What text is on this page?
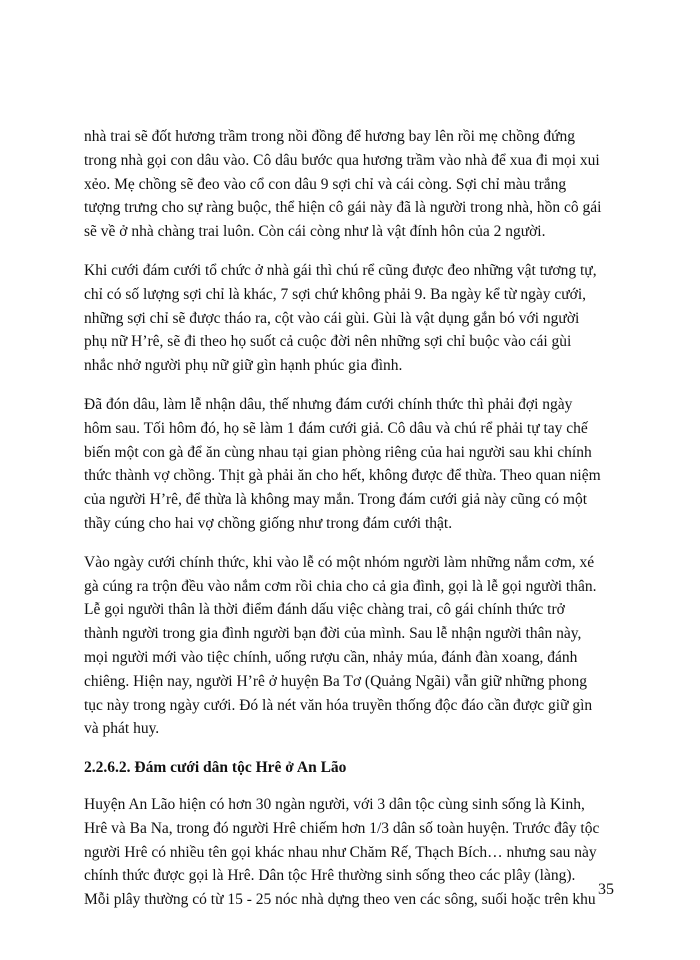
nhà trai sẽ đốt hương trầm trong nồi đồng để hương bay lên rồi mẹ chồng đứng
trong nhà gọi con dâu vào. Cô dâu bước qua hương trầm vào nhà để xua đi mọi xui
xẻo. Mẹ chồng sẽ đeo vào cổ con dâu 9 sợi chỉ và cái còng. Sợi chỉ màu trắng
tượng trưng cho sự ràng buộc, thể hiện cô gái này đã là người trong nhà, hồn cô gái
sẽ về ở nhà chàng trai luôn. Còn cái còng như là vật đính hôn của 2 người.

Khi cưới đám cưới tổ chức ở nhà gái thì chú rể cũng được đeo những vật tương tự,
chỉ có số lượng sợi chỉ là khác, 7 sợi chứ không phải 9. Ba ngày kể từ ngày cưới,
những sợi chỉ sẽ được tháo ra, cột vào cái gùi. Gùi là vật dụng gắn bó với người
phụ nữ H’rê, sẽ đi theo họ suốt cả cuộc đời nên những sợi chỉ buộc vào cái gùi
nhắc nhở người phụ nữ giữ gìn hạnh phúc gia đình.

Đã đón dâu, làm lễ nhận dâu, thế nhưng đám cưới chính thức thì phải đợi ngày
hôm sau. Tối hôm đó, họ sẽ làm 1 đám cưới giả. Cô dâu và chú rể phải tự tay chế
biến một con gà để ăn cùng nhau tại gian phòng riêng của hai người sau khi chính
thức thành vợ chồng. Thịt gà phải ăn cho hết, không được để thừa. Theo quan niệm
của người H’rê, để thừa là không may mắn. Trong đám cưới giả này cũng có một
thầy cúng cho hai vợ chồng giống như trong đám cưới thật.

Vào ngày cưới chính thức, khi vào lễ có một nhóm người làm những nắm cơm, xé
gà cúng ra trộn đều vào nắm cơm rồi chia cho cả gia đình, gọi là lễ gọi người thân.
Lễ gọi người thân là thời điểm đánh dấu việc chàng trai, cô gái chính thức trở
thành người trong gia đình người bạn đời của mình. Sau lễ nhận người thân này,
mọi người mới vào tiệc chính, uống rượu cần, nhảy múa, đánh đàn xoang, đánh
chiêng. Hiện nay, người H’rê ở huyện Ba Tơ (Quảng Ngãi) vẫn giữ những phong
tục này trong ngày cưới. Đó là nét văn hóa truyền thống độc đáo cần được giữ gìn
và phát huy.

2.2.6.2. Đám cưới dân tộc Hrê ở An Lão

Huyện An Lão hiện có hơn 30 ngàn người, với 3 dân tộc cùng sinh sống là Kinh,
Hrê và Ba Na, trong đó người Hrê chiếm hơn 1/3 dân số toàn huyện. Trước đây tộc
người Hrê có nhiều tên gọi khác nhau như Chăm Rế, Thạch Bích… nhưng sau này
chính thức được gọi là Hrê. Dân tộc Hrê thường sinh sống theo các plây (làng).
Mỗi plây thường có từ 15 - 25 nóc nhà dựng theo ven các sông, suối hoặc trên khu

35
